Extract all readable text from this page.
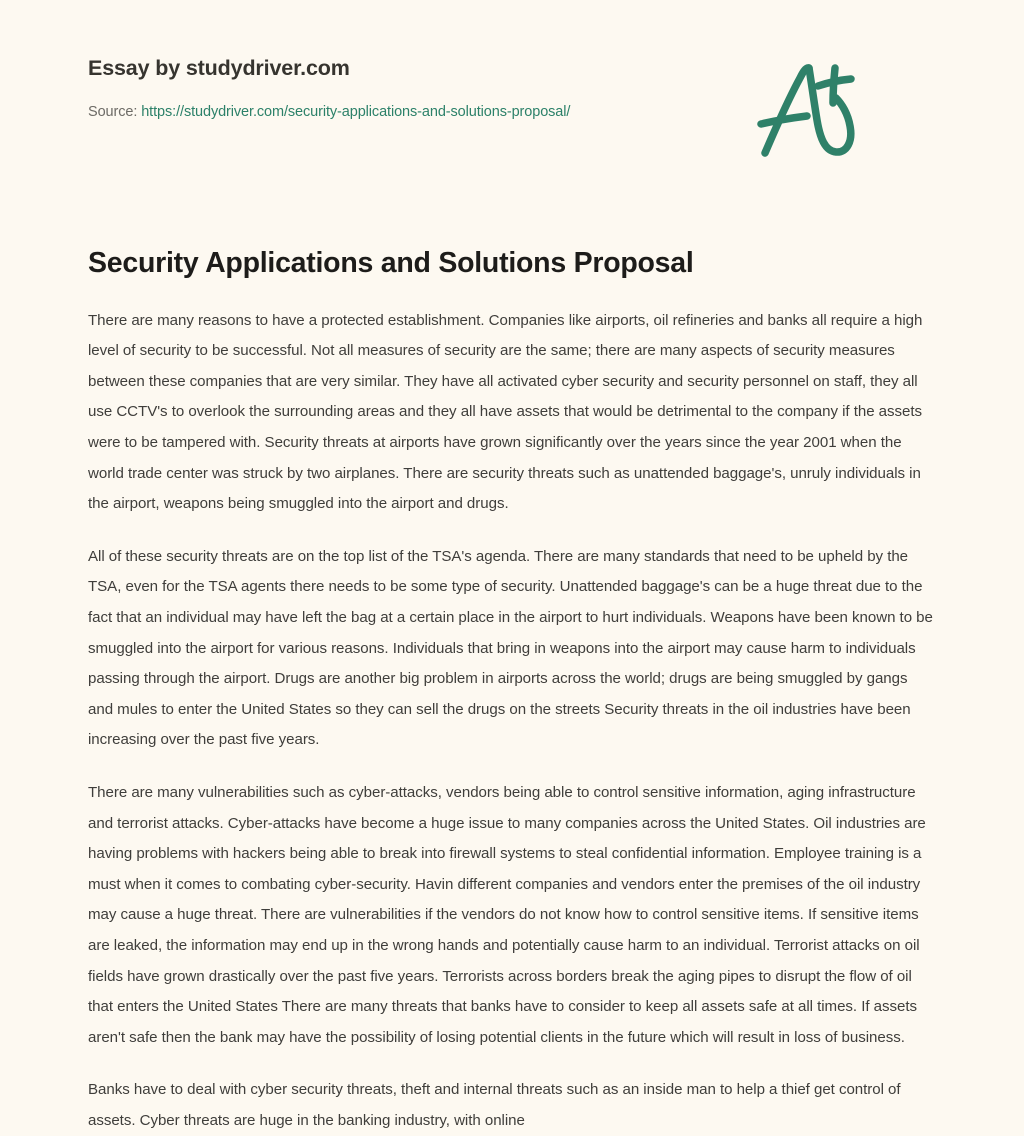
Essay by studydriver.com
Source: https://studydriver.com/security-applications-and-solutions-proposal/
Security Applications and Solutions Proposal

There are many reasons to have a protected establishment. Companies like airports, oil refineries and banks all require a high level of security to be successful. Not all measures of security are the same; there are many aspects of security measures between these companies that are very similar. They have all activated cyber security and security personnel on staff, they all use CCTV's to overlook the surrounding areas and they all have assets that would be detrimental to the company if the assets were to be tampered with. Security threats at airports have grown significantly over the years since the year 2001 when the world trade center was struck by two airplanes. There are security threats such as unattended baggage's, unruly individuals in the airport, weapons being smuggled into the airport and drugs.

All of these security threats are on the top list of the TSA's agenda. There are many standards that need to be upheld by the TSA, even for the TSA agents there needs to be some type of security. Unattended baggage's can be a huge threat due to the fact that an individual may have left the bag at a certain place in the airport to hurt individuals. Weapons have been known to be smuggled into the airport for various reasons. Individuals that bring in weapons into the airport may cause harm to individuals passing through the airport. Drugs are another big problem in airports across the world; drugs are being smuggled by gangs and mules to enter the United States so they can sell the drugs on the streets Security threats in the oil industries have been increasing over the past five years.

There are many vulnerabilities such as cyber-attacks, vendors being able to control sensitive information, aging infrastructure and terrorist attacks. Cyber-attacks have become a huge issue to many companies across the United States. Oil industries are having problems with hackers being able to break into firewall systems to steal confidential information. Employee training is a must when it comes to combating cyber-security. Havin different companies and vendors enter the premises of the oil industry may cause a huge threat. There are vulnerabilities if the vendors do not know how to control sensitive items. If sensitive items are leaked, the information may end up in the wrong hands and potentially cause harm to an individual. Terrorist attacks on oil fields have grown drastically over the past five years. Terrorists across borders break the aging pipes to disrupt the flow of oil that enters the United States There are many threats that banks have to consider to keep all assets safe at all times. If assets aren't safe then the bank may have the possibility of losing potential clients in the future which will result in loss of business.

Banks have to deal with cyber security threats, theft and internal threats such as an inside man to help a thief get control of assets. Cyber threats are huge in the banking industry, with online
